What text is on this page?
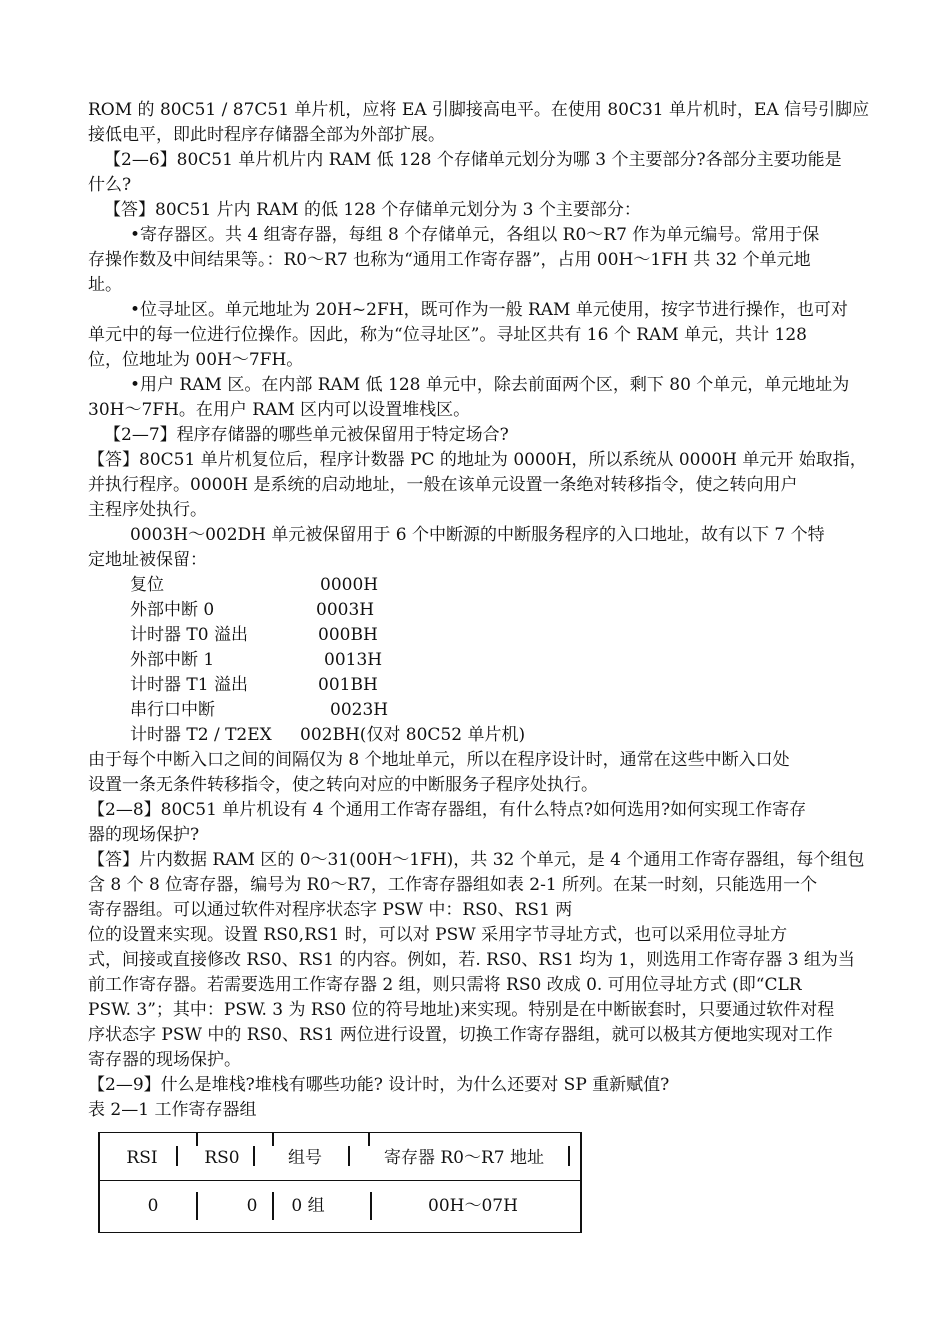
ROM 的 80C51 / 87C51 单片机，应将 EA 引脚接高电平。在使用 80C31 单片机时，EA 信号引脚应
接低电平，即此时程序存储器全部为外部扩展。
【2—6】80C51 单片机片内 RAM 低 128 个存储单元划分为哪 3 个主要部分?各部分主要功能是
什么?
【答】80C51 片内 RAM 的低 128 个存储单元划分为 3 个主要部分：
•寄存器区。共 4 组寄存器，每组 8 个存储单元，各组以 R0～R7 作为单元编号。常用于保
存操作数及中间结果等。：R0～R7 也称为“通用工作寄存器”，占用 00H～1FH 共 32 个单元地
址。
•位寻址区。单元地址为 20H~2FH，既可作为一般 RAM 单元使用，按字节进行操作，也可对
单元中的每一位进行位操作。因此，称为“位寻址区”。寻址区共有 16 个 RAM 单元，共计 128
位，位地址为 00H～7FH。
•用户 RAM 区。在内部 RAM 低 128 单元中，除去前面两个区，剩下 80 个单元，单元地址为
30H～7FH。在用户 RAM 区内可以设置堆栈区。
【2—7】程序存储器的哪些单元被保留用于特定场合?
【答】80C51 单片机复位后，程序计数器 PC 的地址为 0000H，所以系统从 0000H 单元开 始取指，
并执行程序。0000H 是系统的启动地址，一般在该单元设置一条绝对转移指令，使之转向用户
主程序处执行。
0003H～002DH 单元被保留用于 6 个中断源的中断服务程序的入口地址，故有以下 7 个特
定地址被保留：
复位	0000H
外部中断 0	0003H
计时器 T0 溢出	000BH
外部中断 1	0013H
计时器 T1 溢出	001BH
串行口中断	0023H
计时器 T2 / T2EX 002BH(仅对 80C52 单片机)
由于每个中断入口之间的间隔仅为 8 个地址单元，所以在程序设计时，通常在这些中断入口处
设置一条无条件转移指令，使之转向对应的中断服务子程序处执行。
【2—8】80C51 单片机设有 4 个通用工作寄存器组，有什么特点?如何选用?如何实现工作寄存
器的现场保护?
【答】片内数据 RAM 区的 0～31(00H～1FH)，共 32 个单元，是 4 个通用工作寄存器组，每个组包
含 8 个 8 位寄存器，编号为 R0～R7，工作寄存器组如表 2-1 所列。在某一时刻，只能选用一个
寄存器组。可以通过软件对程序状态字 PSW 中：RS0、RS1 两
位的设置来实现。设置 RS0,RS1 时，可以对 PSW 采用字节寻址方式，也可以采用位寻址方
式，间接或直接修改 RS0、RS1 的内容。例如，若. RS0、RS1 均为 1，则选用工作寄存器 3 组为当
前工作寄存器。若需要选用工作寄存器 2 组，则只需将 RS0 改成 0. 可用位寻址方式 (即“CLR
PSW. 3”；其中：PSW. 3 为 RS0 位的符号地址)来实现。特别是在中断嵌套时，只要通过软件对程
序状态字 PSW 中的 RS0、RS1 两位进行设置，切换工作寄存器组，就可以极其方便地实现对工作
寄存器的现场保护。
【2—9】什么是堆栈?堆栈有哪些功能? 设计时，为什么还要对 SP 重新赋值?
表 2—1 工作寄存器组
RSI	RS0	组号	寄存器 R0～R7 地址
0	0	0 组	00H～07H
